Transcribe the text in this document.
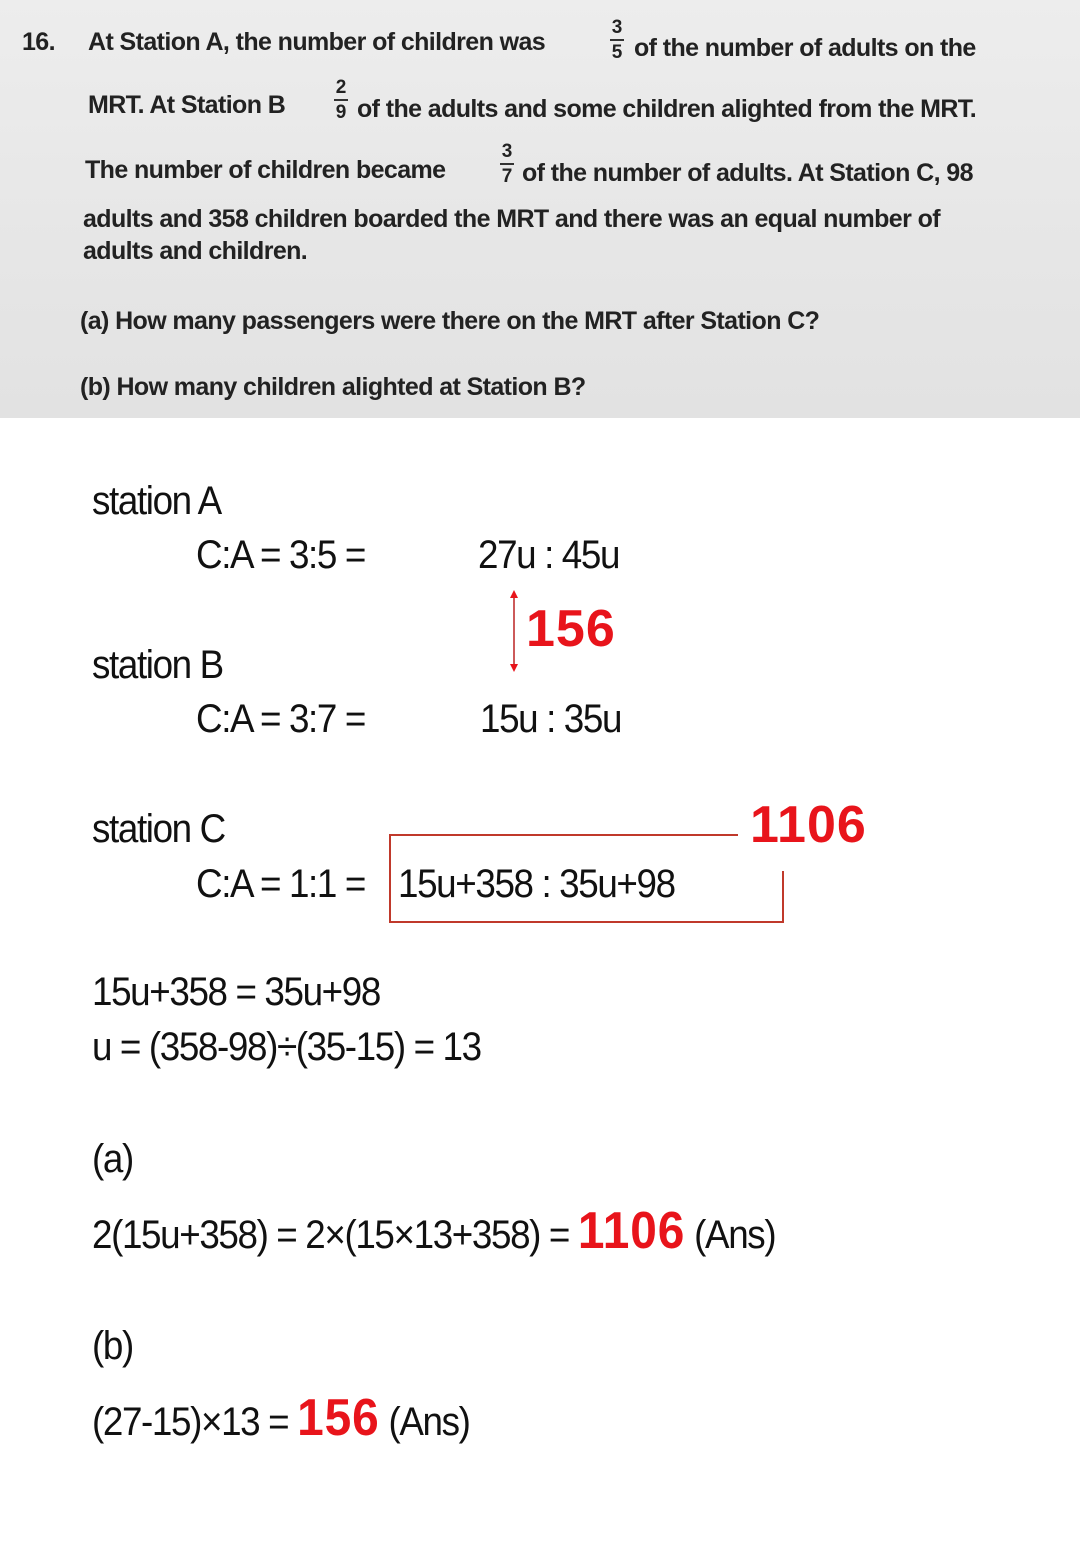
16. At Station A, the number of children was
3
5 of the number of adults on the
MRT. At Station B
2
9 of the adults and some children alighted from the MRT.
The number of children became
3
7 of the number of adults. At Station C, 98
adults and 358 children boarded the MRT and there was an equal number of
adults and children.
(a) How many passengers were there on the MRT after Station C?
(b) How many children alighted at Station B?
station A
C:A = 3:5 =	27u : 45u
156
station B
C:A = 3:7 =	15u : 35u
station C	1106
C:A = 1:1 = 15u+358 : 35u+98
15u+358 = 35u+98
u = (358-98)÷(35-15) = 13
(a)
2(15u+358) = 2×(15×13+358) = 1106 (Ans)
(b)
(27-15)×13 = 156 (Ans)
